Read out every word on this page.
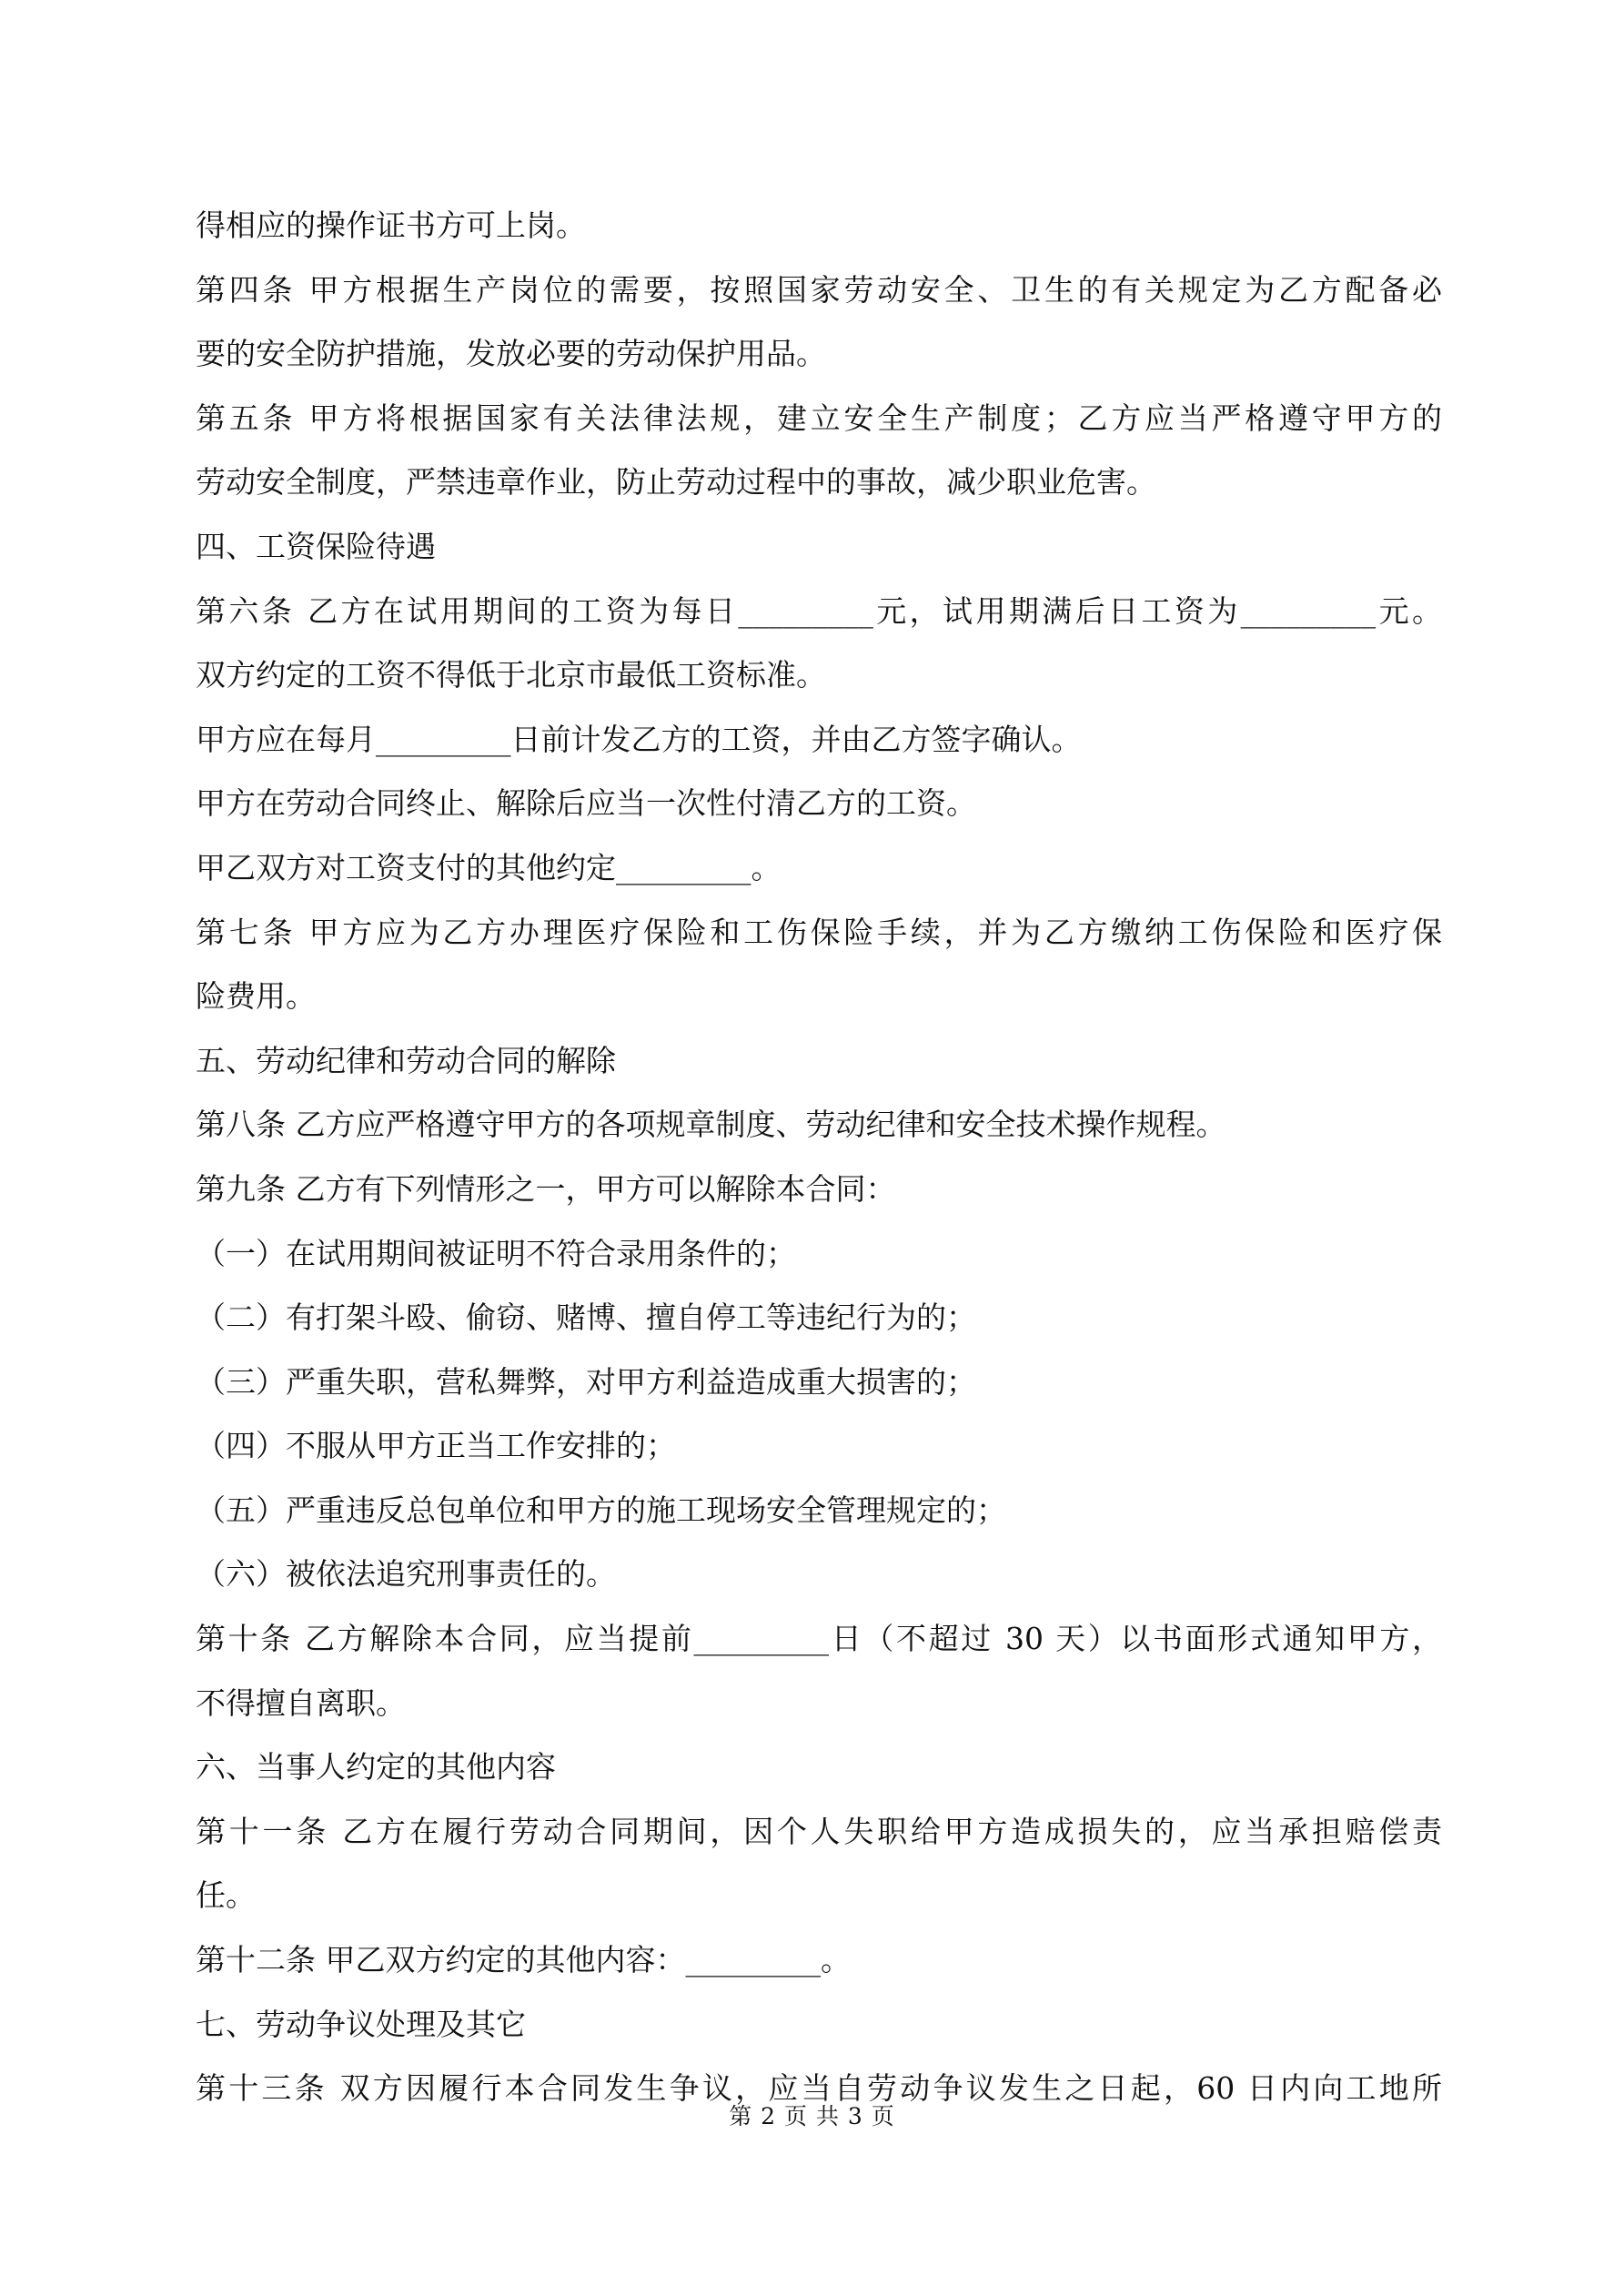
得相应的操作证书方可上岗。
第四条 甲方根据生产岗位的需要，按照国家劳动安全、卫生的有关规定为乙方配备必
要的安全防护措施，发放必要的劳动保护用品。
第五条 甲方将根据国家有关法律法规，建立安全生产制度；乙方应当严格遵守甲方的
劳动安全制度，严禁违章作业，防止劳动过程中的事故，减少职业危害。
四、工资保险待遇
第六条 乙方在试用期间的工资为每日_________元，试用期满后日工资为_________元。
双方约定的工资不得低于北京市最低工资标准。
甲方应在每月_________日前计发乙方的工资，并由乙方签字确认。
甲方在劳动合同终止、解除后应当一次性付清乙方的工资。
甲乙双方对工资支付的其他约定_________。
第七条 甲方应为乙方办理医疗保险和工伤保险手续，并为乙方缴纳工伤保险和医疗保
险费用。
五、劳动纪律和劳动合同的解除
第八条 乙方应严格遵守甲方的各项规章制度、劳动纪律和安全技术操作规程。
第九条 乙方有下列情形之一，甲方可以解除本合同：
（一）在试用期间被证明不符合录用条件的；
（二）有打架斗殴、偷窃、赌博、擅自停工等违纪行为的；
（三）严重失职，营私舞弊，对甲方利益造成重大损害的；
（四）不服从甲方正当工作安排的；
（五）严重违反总包单位和甲方的施工现场安全管理规定的；
（六）被依法追究刑事责任的。
第十条 乙方解除本合同，应当提前_________日（不超过 30 天）以书面形式通知甲方，
不得擅自离职。
六、当事人约定的其他内容
第十一条 乙方在履行劳动合同期间，因个人失职给甲方造成损失的，应当承担赔偿责
任。
第十二条 甲乙双方约定的其他内容：_________。
七、劳动争议处理及其它
第十三条 双方因履行本合同发生争议，应当自劳动争议发生之日起，60 日内向工地所
第 2 页 共 3 页
